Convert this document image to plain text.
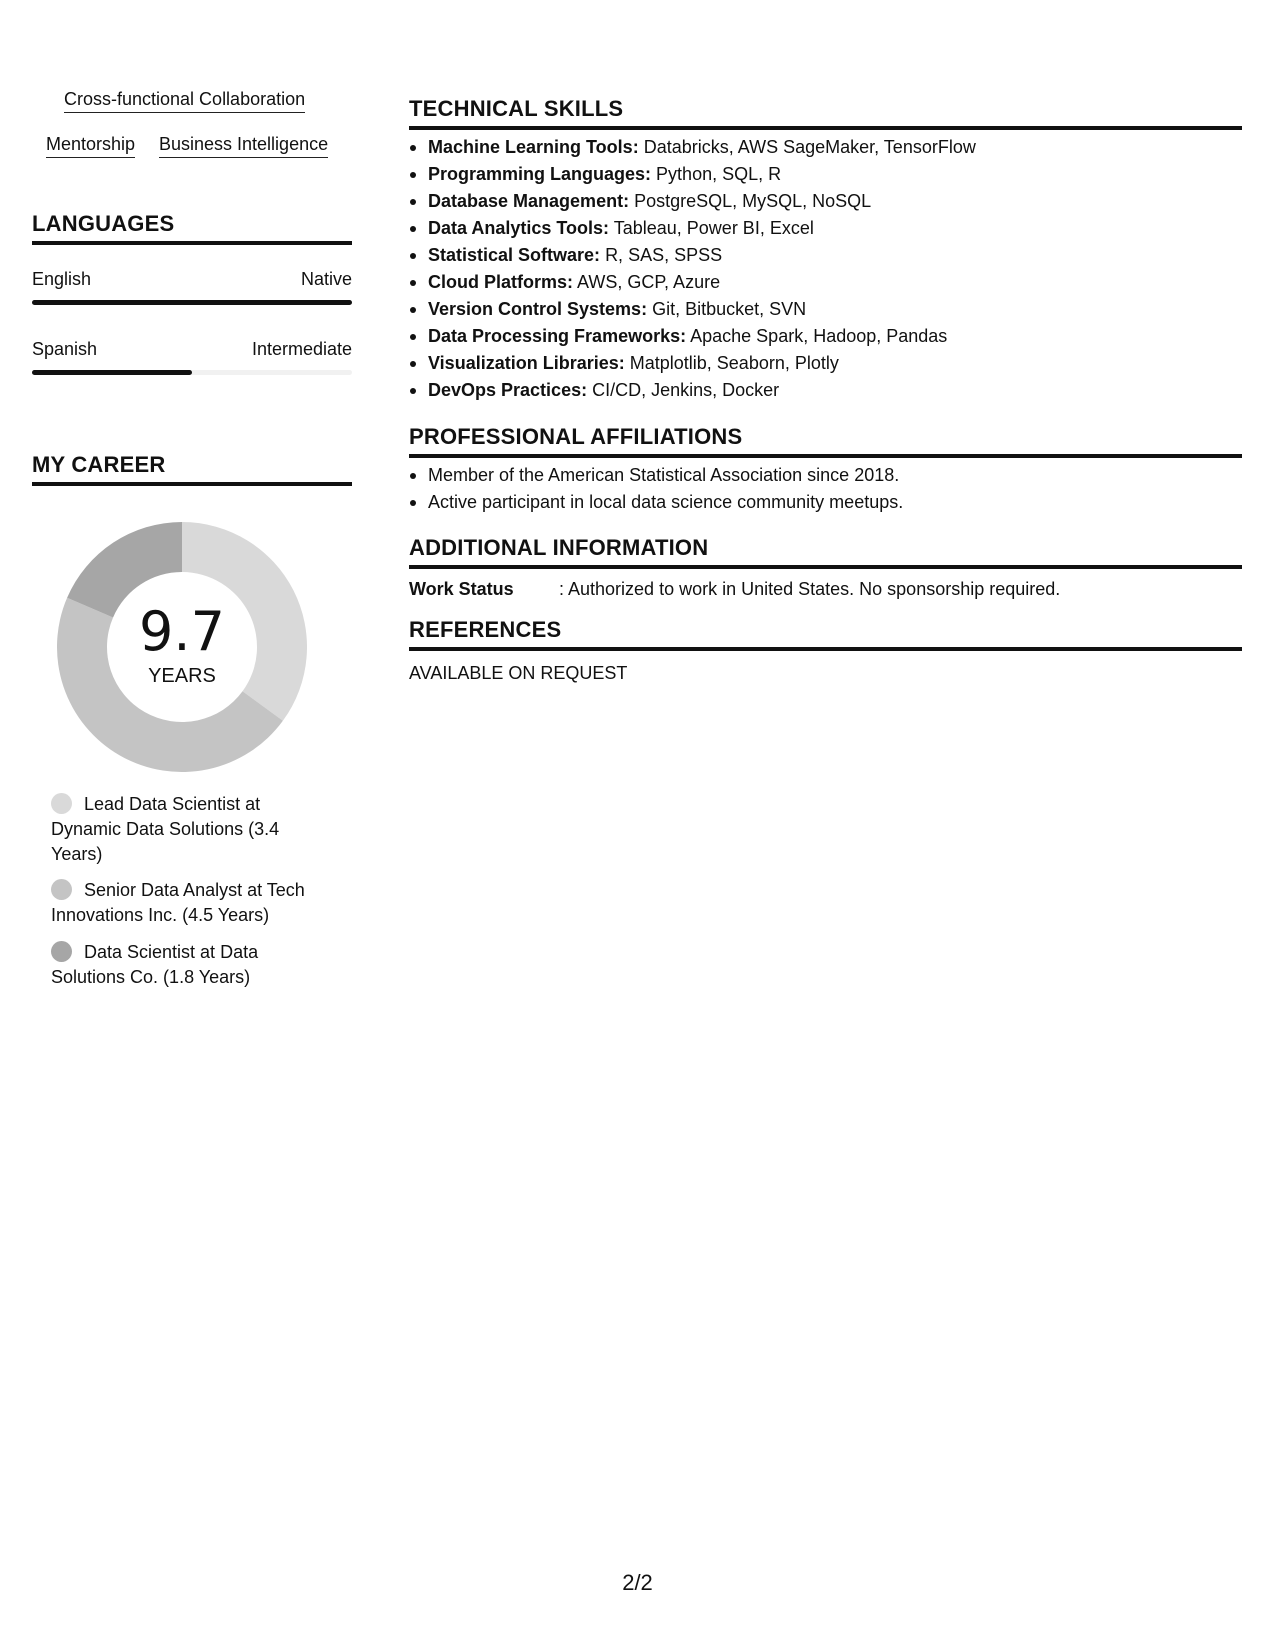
Cross-functional Collaboration
Mentorship Business Intelligence
LANGUAGES
English	Native
Spanish	Intermediate
MY CAREER
9.7
YEARS
Lead Data Scientist at Dynamic Data Solutions (3.4 Years)
Senior Data Analyst at Tech Innovations Inc. (4.5 Years)
Data Scientist at Data Solutions Co. (1.8 Years)
TECHNICAL SKILLS
Machine Learning Tools: Databricks, AWS SageMaker, TensorFlow
Programming Languages: Python, SQL, R
Database Management: PostgreSQL, MySQL, NoSQL
Data Analytics Tools: Tableau, Power BI, Excel
Statistical Software: R, SAS, SPSS
Cloud Platforms: AWS, GCP, Azure
Version Control Systems: Git, Bitbucket, SVN
Data Processing Frameworks: Apache Spark, Hadoop, Pandas
Visualization Libraries: Matplotlib, Seaborn, Plotly
DevOps Practices: CI/CD, Jenkins, Docker
PROFESSIONAL AFFILIATIONS
Member of the American Statistical Association since 2018.
Active participant in local data science community meetups.
ADDITIONAL INFORMATION
Work Status	: Authorized to work in United States. No sponsorship required.
REFERENCES
AVAILABLE ON REQUEST
2/2
